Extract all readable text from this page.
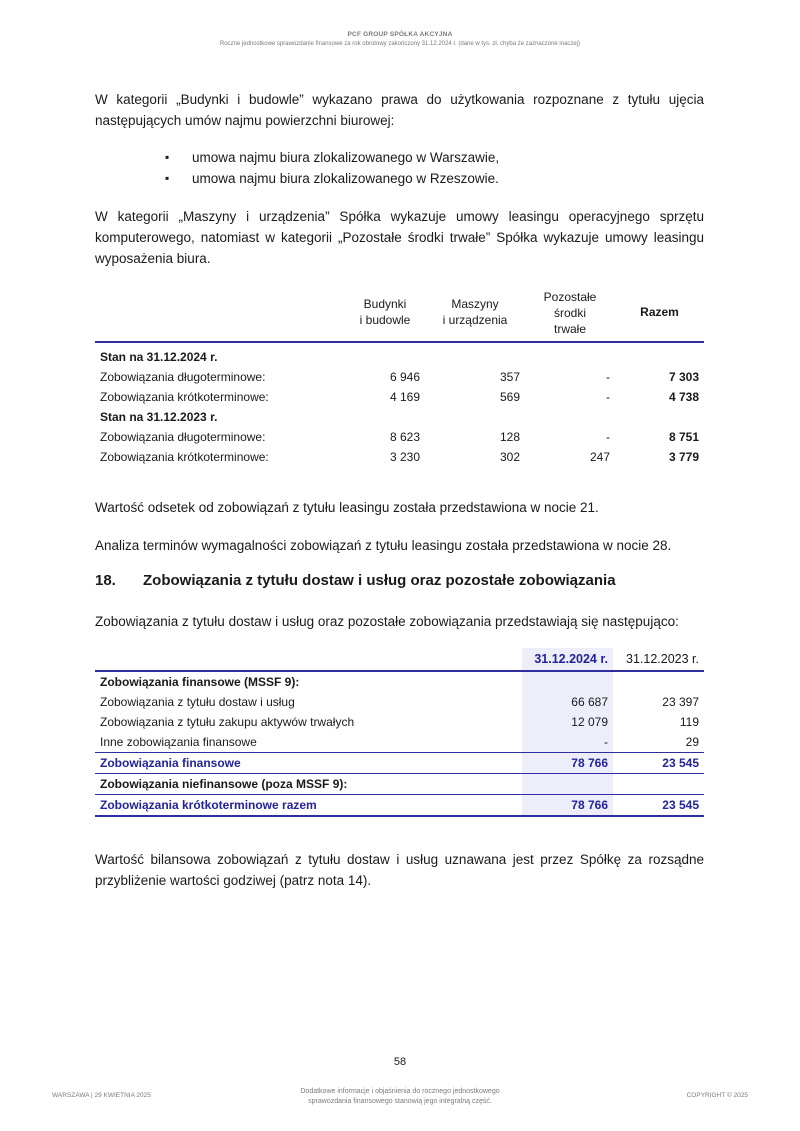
PCF GROUP SPÓŁKA AKCYJNA
Roczne jednostkowe sprawozdanie finansowe za rok obrotowy zakończony 31.12.2024 r. (dane w tys. zł, chyba że zaznaczone inaczej)

W kategorii „Budynki i budowle” wykazano prawa do użytkowania rozpoznane z tytułu ujęcia następujących umów najmu powierzchni biurowej:

▪ umowa najmu biura zlokalizowanego w Warszawie,
▪ umowa najmu biura zlokalizowanego w Rzeszowie.

W kategorii „Maszyny i urządzenia” Spółka wykazuje umowy leasingu operacyjnego sprzętu komputerowego, natomiast w kategorii „Pozostałe środki trwałe” Spółka wykazuje umowy leasingu wyposażenia biura.

	Budynki
i budowle	Maszyny
i urządzenia	Pozostałe
środki
trwałe	Razem

Stan na 31.12.2024 r.				
Zobowiązania długoterminowe:	6 946	357	-	7 303
Zobowiązania krótkoterminowe:	4 169	569	-	4 738
Stan na 31.12.2023 r.				
Zobowiązania długoterminowe:	8 623	128	-	8 751
Zobowiązania krótkoterminowe:	3 230	302	247	3 779

Wartość odsetek od zobowiązań z tytułu leasingu została przedstawiona w nocie 21.

Analiza terminów wymagalności zobowiązań z tytułu leasingu została przedstawiona w nocie 28.

18. Zobowiązania z tytułu dostaw i usług oraz pozostałe zobowiązania

Zobowiązania z tytułu dostaw i usług oraz pozostałe zobowiązania przedstawiają się następująco:

	31.12.2024 r.	31.12.2023 r.
Zobowiązania finansowe (MSSF 9):		
Zobowiązania z tytułu dostaw i usług	66 687	23 397
Zobowiązania z tytułu zakupu aktywów trwałych	12 079	119
Inne zobowiązania finansowe	-	29
Zobowiązania finansowe	78 766	23 545
Zobowiązania niefinansowe (poza MSSF 9):		
Zobowiązania krótkoterminowe razem	78 766	23 545

Wartość bilansowa zobowiązań z tytułu dostaw i usług uznawana jest przez Spółkę za rozsądne przybliżenie wartości godziwej (patrz nota 14).

58
WARSZAWA | 29 KWIETNIA 2025
Dodatkowe informacje i objaśnienia do rocznego jednostkowego
sprawozdania finansowego stanowią jego integralną część.
COPYRIGHT © 2025
